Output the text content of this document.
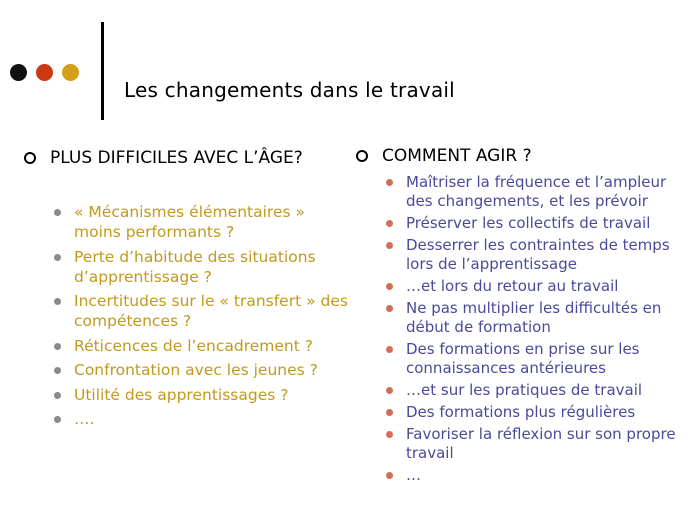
Les changements dans le travail
PLUS DIFFICILES AVEC L’ÂGE?
« Mécanismes élémentaires » moins performants ?
Perte d’habitude des situations d’apprentissage ?
Incertitudes sur le « transfert » des compétences ?
Réticences de l’encadrement ?
Confrontation avec les jeunes ?
Utilité des apprentissages ?
….
COMMENT AGIR ?
Maîtriser la fréquence et l’ampleur des changements, et les prévoir
Préserver les collectifs de travail
Desserrer les contraintes de temps lors de l’apprentissage
…et lors du retour au travail
Ne pas multiplier les difficultés en début de formation
Des formations en prise sur les connaissances antérieures
…et sur les pratiques de travail
Des formations plus régulières
Favoriser la réflexion sur son propre travail
…
